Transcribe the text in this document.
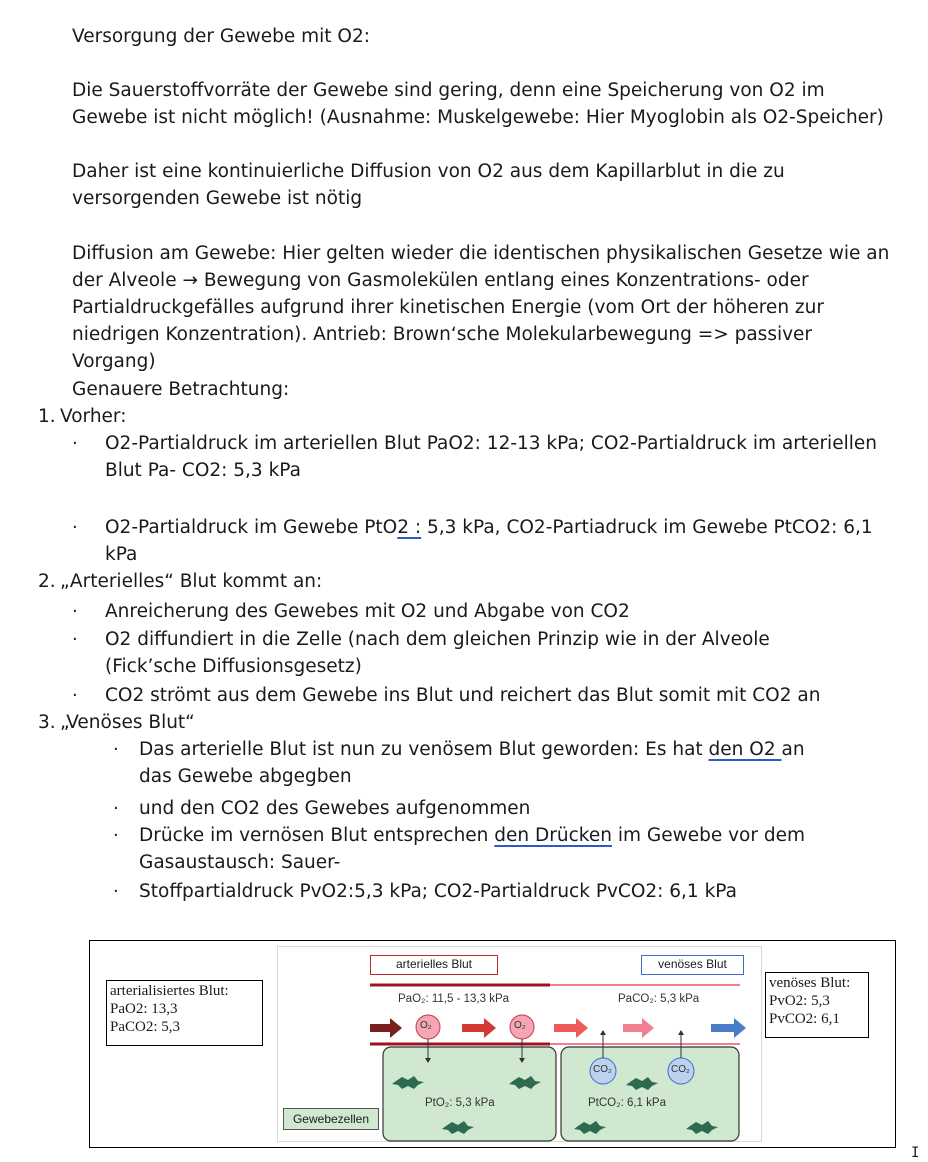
Versorgung der Gewebe mit O2:
Die Sauerstoffvorräte der Gewebe sind gering, denn eine Speicherung von O2 im Gewebe ist nicht möglich! (Ausnahme: Muskelgewebe: Hier Myoglobin als O2-Speicher)
Daher ist eine kontinuierliche Diffusion von O2 aus dem Kapillarblut in die zu versorgenden Gewebe ist nötig
Diffusion am Gewebe: Hier gelten wieder die identischen physikalischen Gesetze wie an der Alveole → Bewegung von Gasmolekülen entlang eines Konzentrations- oder Partialdruckgefälles aufgrund ihrer kinetischen Energie (vom Ort der höheren zur niedrigen Konzentration). Antrieb: Brown‘sche Molekularbewegung => passiver Vorgang)
Genauere Betrachtung:
1. Vorher:
· O2-Partialdruck im arteriellen Blut PaO2: 12-13 kPa; CO2-Partialdruck im arteriellen Blut Pa- CO2: 5,3 kPa
· O2-Partialdruck im Gewebe PtO2 : 5,3 kPa, CO2-Partiadruck im Gewebe PtCO2: 6,1 kPa
2. „Arterielles“ Blut kommt an:
· Anreicherung des Gewebes mit O2 und Abgabe von CO2
· O2 diffundiert in die Zelle (nach dem gleichen Prinzip wie in der Alveole (Fick’sche Diffusionsgesetz)
· CO2 strömt aus dem Gewebe ins Blut und reichert das Blut somit mit CO2 an
3. „Venöses Blut“
· Das arterielle Blut ist nun zu venösem Blut geworden: Es hat den O2 an das Gewebe abgegben
· und den CO2 des Gewebes aufgenommen
· Drücke im vernösen Blut entsprechen den Drücken im Gewebe vor dem Gasaustausch: Sauer-
· Stoffpartialdruck PvO2:5,3 kPa; CO2-Partialdruck PvCO2: 6,1 kPa
arterialisiertes Blut:
PaO2: 13,3
PaCO2: 5,3	O₂	O₂
CO₂	CO₂
PaO₂: 11,5 - 13,3 kPa	PaCO₂: 5,3 kPa
PtO₂: 5,3 kPa	PtCO₂: 6,1 kPa
arterielles Blut	venöses Blut
Gewebezellen
venöses Blut:
PvO2: 5,3
PvCO2: 6,1
I
